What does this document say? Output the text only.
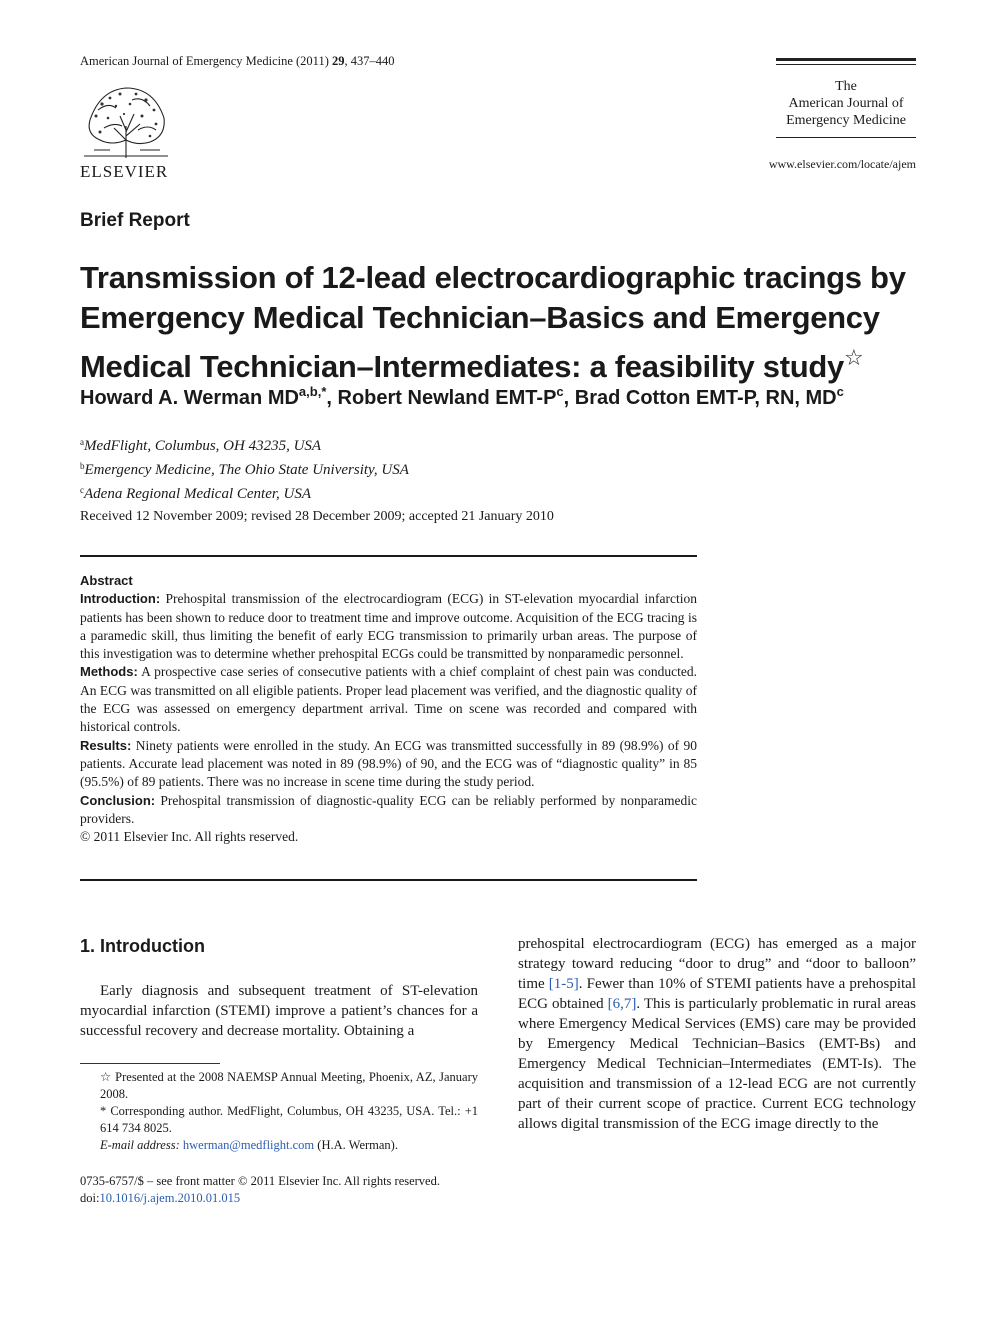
American Journal of Emergency Medicine (2011) 29, 437–440
ELSEVIER
The
American Journal of
Emergency Medicine
www.elsevier.com/locate/ajem
Brief Report
Transmission of 12-lead electrocardiographic tracings by Emergency Medical Technician–Basics and Emergency Medical Technician–Intermediates: a feasibility study☆
Howard A. Werman $MD^{a,b,*}$, Robert Newland EMT-$P^c$, Brad Cotton EMT-P, RN, $MD^c$
$^a$MedFlight, Columbus, OH 43235, USA
$^b$Emergency Medicine, The Ohio State University, USA
$^c$Adena Regional Medical Center, USA
Received 12 November 2009; revised 28 December 2009; accepted 21 January 2010

Abstract

Introduction: Prehospital transmission of the electrocardiogram (ECG) in ST-elevation myocardial infarction patients has been shown to reduce door to treatment time and improve outcome. Acquisition of the ECG tracing is a paramedic skill, thus limiting the benefit of early ECG transmission to primarily urban areas. The purpose of this investigation was to determine whether prehospital ECGs could be transmitted by nonparamedic personnel.

Methods: A prospective case series of consecutive patients with a chief complaint of chest pain was conducted. An ECG was transmitted on all eligible patients. Proper lead placement was verified, and the diagnostic quality of the ECG was assessed on emergency department arrival. Time on scene was recorded and compared with historical controls.

Results: Ninety patients were enrolled in the study. An ECG was transmitted successfully in 89 (98.9%) of 90 patients. Accurate lead placement was noted in 89 (98.9%) of 90, and the ECG was of “diagnostic quality” in 85 (95.5%) of 89 patients. There was no increase in scene time during the study period.

Conclusion: Prehospital transmission of diagnostic-quality ECG can be reliably performed by nonparamedic providers.

© 2011 Elsevier Inc. All rights reserved.

1. Introduction
Early diagnosis and subsequent treatment of ST-elevation myocardial infarction (STEMI) improve a patient’s chances for a successful recovery and decrease mortality. Obtaining a
prehospital electrocardiogram (ECG) has emerged as a major strategy toward reducing “door to drug” and “door to balloon” time [1-5]. Fewer than 10% of STEMI patients have a prehospital ECG obtained [6,7]. This is particularly problematic in rural areas where Emergency Medical Services (EMS) care may be provided by Emergency Medical Technician–Basics (EMT-Bs) and Emergency Medical Technician–Intermediates (EMT-Is). The acquisition and transmission of a 12-lead ECG are not currently part of their current scope of practice. Current ECG technology allows digital transmission of the ECG image directly to the

☆ Presented at the 2008 NAEMSP Annual Meeting, Phoenix, AZ, January 2008.

* Corresponding author. MedFlight, Columbus, OH 43235, USA. Tel.: +1 614 734 8025.

E-mail address: hwerman@medflight.com (H.A. Werman).

0735-6757/$ – see front matter © 2011 Elsevier Inc. All rights reserved.
doi:10.1016/j.ajem.2010.01.015
